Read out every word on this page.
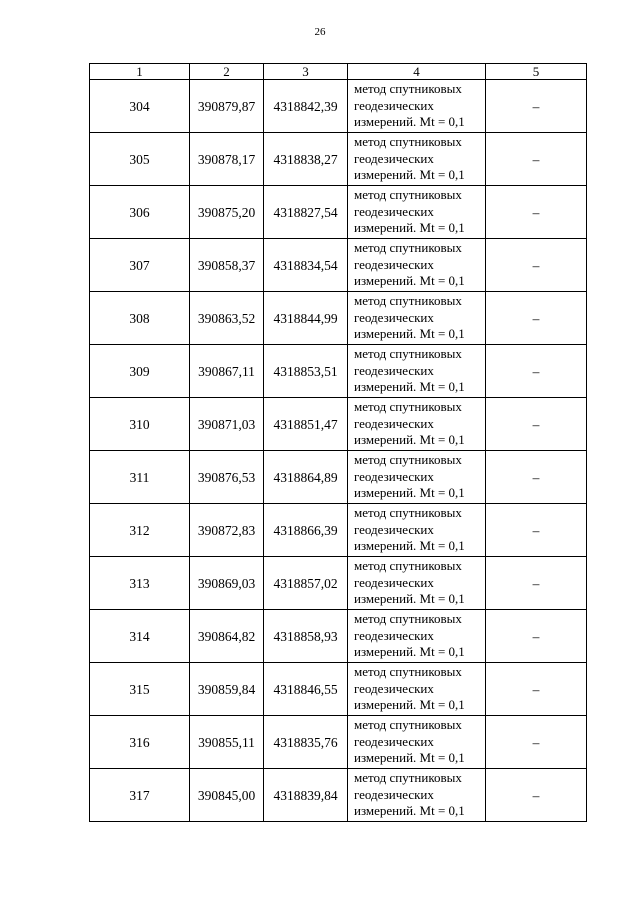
26
1	2	3	4	5
304	390879,87	4318842,39	метод спутниковых
геодезических
измерений. Mt = 0,1	–
305	390878,17	4318838,27	метод спутниковых
геодезических
измерений. Mt = 0,1	–
306	390875,20	4318827,54	метод спутниковых
геодезических
измерений. Mt = 0,1	–
307	390858,37	4318834,54	метод спутниковых
геодезических
измерений. Mt = 0,1	–
308	390863,52	4318844,99	метод спутниковых
геодезических
измерений. Mt = 0,1	–
309	390867,11	4318853,51	метод спутниковых
геодезических
измерений. Mt = 0,1	–
310	390871,03	4318851,47	метод спутниковых
геодезических
измерений. Mt = 0,1	–
311	390876,53	4318864,89	метод спутниковых
геодезических
измерений. Mt = 0,1	–
312	390872,83	4318866,39	метод спутниковых
геодезических
измерений. Mt = 0,1	–
313	390869,03	4318857,02	метод спутниковых
геодезических
измерений. Mt = 0,1	–
314	390864,82	4318858,93	метод спутниковых
геодезических
измерений. Mt = 0,1	–
315	390859,84	4318846,55	метод спутниковых
геодезических
измерений. Mt = 0,1	–
316	390855,11	4318835,76	метод спутниковых
геодезических
измерений. Mt = 0,1	–
317	390845,00	4318839,84	метод спутниковых
геодезических
измерений. Mt = 0,1	–
